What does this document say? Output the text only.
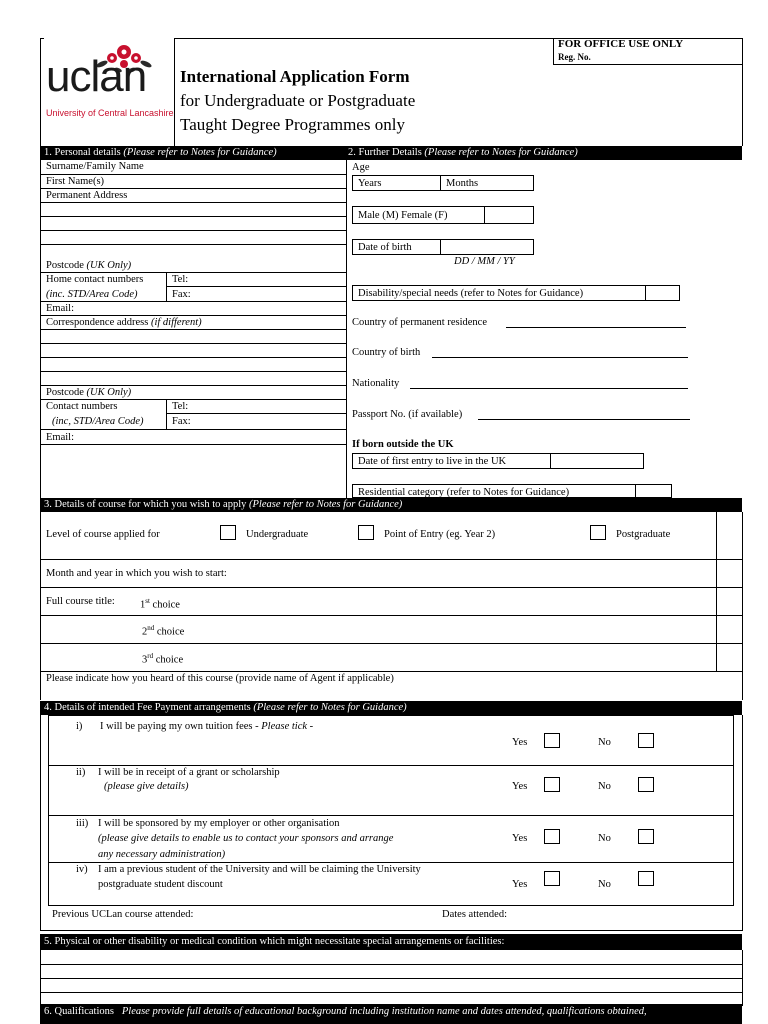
uclan
University of Central Lancashire
International Application Form
for Undergraduate or Postgraduate
Taught Degree Programmes only
FOR OFFICE USE ONLY
Reg. No.
1. Personal details (Please refer to Notes for Guidance)	2. Further Details (Please refer to Notes for Guidance)
Surname/Family Name
First Name(s)
Permanent Address
Postcode (UK Only)
Home contact numbers
(inc. STD/Area Code)
Tel:
Fax:
Email:
Correspondence address (if different)
Postcode (UK Only)
Contact numbers
(inc, STD/Area Code)
Tel:
Fax:
Email:
Age
Years	Months
Male (M) Female (F)
Date of birth
DD / MM / YY
Disability/special needs (refer to Notes for Guidance)
Country of permanent residence
Country of birth
Nationality
Passport No. (if available)
If born outside the UK
Date of first entry to live in the UK
Residential category (refer to Notes for Guidance)
3. Details of course for which you wish to apply (Please refer to Notes for Guidance)
Level of course applied for	Undergraduate	Point of Entry (eg. Year 2)	Postgraduate
Month and year in which you wish to start:
Full course title: 1st choice
2nd choice
3rd choice
Please indicate how you heard of this course (provide name of Agent if applicable)
4. Details of intended Fee Payment arrangements (Please refer to Notes for Guidance)
i) I will be paying my own tuition fees - Please tick -
Yes	No
ii) I will be in receipt of a grant or scholarship
(please give details)	Yes	No
iii) I will be sponsored by my employer or other organisation
(please give details to enable us to contact your sponsors and arrange
any necessary administration)
Yes	No
iv) I am a previous student of the University and will be claiming the University
postgraduate student discount	Yes	No
Previous UCLan course attended:	Dates attended:
5. Physical or other disability or medical condition which might necessitate special arrangements or facilities:
6. Qualifications Please provide full details of educational background including institution name and dates attended, qualifications obtained,
